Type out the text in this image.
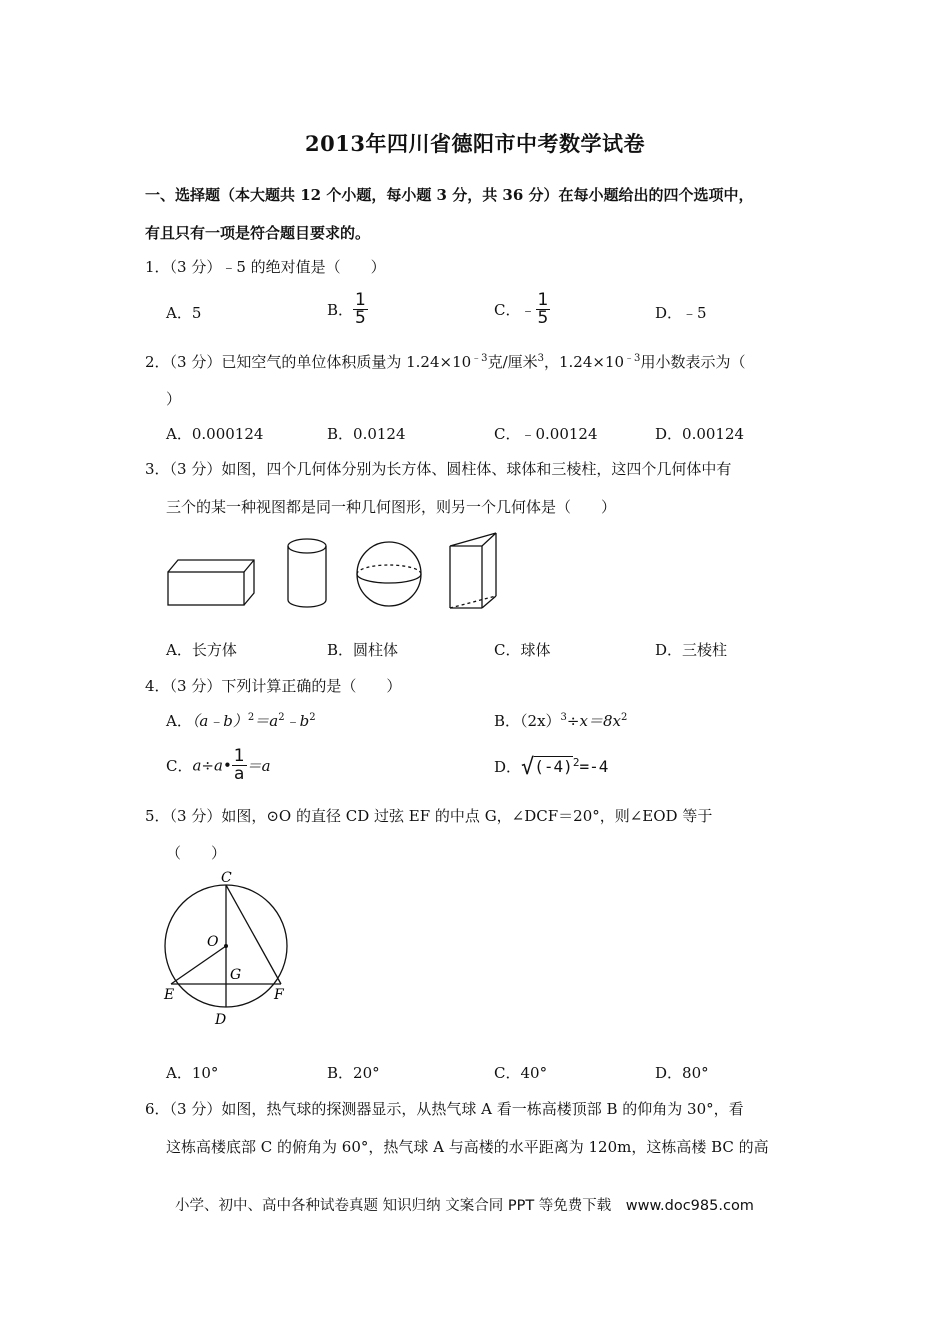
2013年四川省德阳市中考数学试卷
一、选择题（本大题共 12 个小题，每小题 3 分，共 36 分）在每小题给出的四个选项中，
有且只有一项是符合题目要求的。
1．（3 分）﹣5 的绝对值是（　　）
A．5	B． $\frac{1}{5}$	C．﹣ $\frac{1}{5}$	D．﹣5
2．（3 分）已知空气的单位体积质量为 $1.24\times 10^{﹣3}$克/厘米$^3$，$1.24\times 10^{﹣3}$用小数表示为（
）
A．0.000124	B．0.0124	C．﹣0.00124	D．0.00124
3．（3 分）如图，四个几何体分别为长方体、圆柱体、球体和三棱柱，这四个几何体中有
三个的某一种视图都是同一种几何图形，则另一个几何体是（　　）
A．长方体	B．圆柱体	C．球体	D．三棱柱
4．（3 分）下列计算正确的是（　　）
A．$(a﹣b)^2=a^2﹣b^2$	B．$(2x)^3\div x=8x^2$
C．a÷a• $\frac{1}{a} =a$	D．$√(-4)^2=-4$
5．（3 分）如图，⊙O 的直径 CD 过弦 EF 的中点 G，∠DCF＝20°，则∠EOD 等于
（　　）
C
O
G
E	F
D
A．10°	B．20°	C．40°	D．80°
6．（3 分）如图，热气球的探测器显示，从热气球 A 看一栋高楼顶部 B 的仰角为 30°，看
这栋高楼底部 C 的俯角为 60°，热气球 A 与高楼的水平距离为 120m，这栋高楼 BC 的高
小学、初中、高中各种试卷真题 知识归纳 文案合同 PPT 等免费下载　www.doc985.com
